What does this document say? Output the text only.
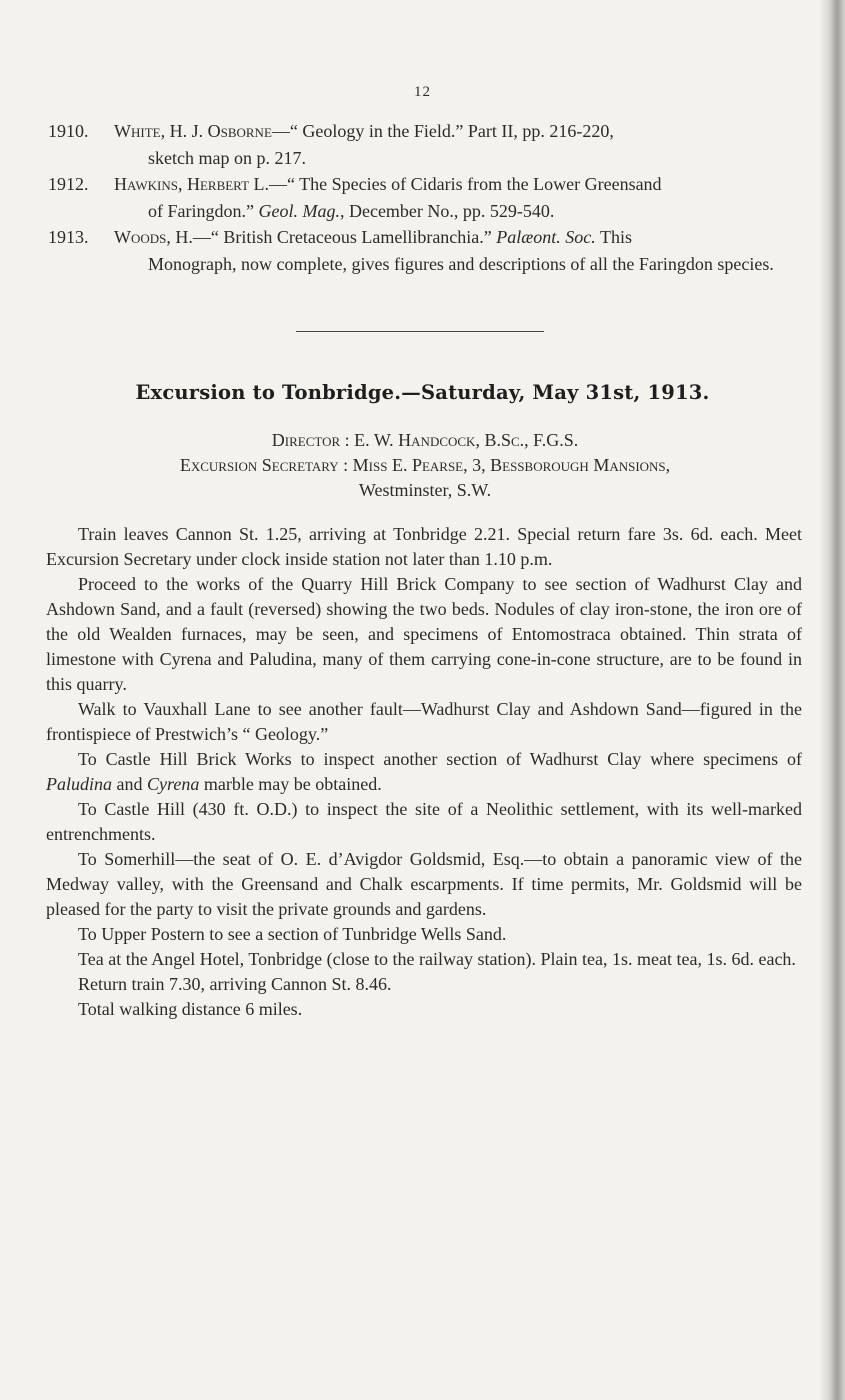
12
1910.	White, H. J. Osborne—“ Geology in the Field.” Part II, pp. 216-220,
sketch map on p. 217.
1912.	Hawkins, Herbert L.—“ The Species of Cidaris from the Lower Greensand
of Faringdon.” Geol. Mag., December No., pp. 529-540.
1913.	Woods, H.—“ British Cretaceous Lamellibranchia.” Palæont. Soc. This
Monograph, now complete, gives figures and descriptions of all the Faringdon species.
Excursion to Tonbridge.—Saturday, May 31st, 1913.
Director : E. W. Handcock, B.Sc., F.G.S.
Excursion Secretary : Miss E. Pearse, 3, Bessborough Mansions,
Westminster, S.W.

Train leaves Cannon St. 1.25, arriving at Tonbridge 2.21. Special return fare 3s. 6d. each. Meet Excursion Secretary under clock inside station not later than 1.10 p.m.

Proceed to the works of the Quarry Hill Brick Company to see section of Wadhurst Clay and Ashdown Sand, and a fault (reversed) showing the two beds. Nodules of clay iron-stone, the iron ore of the old Wealden furnaces, may be seen, and specimens of Entomostraca obtained. Thin strata of limestone with Cyrena and Paludina, many of them carrying cone-in-cone structure, are to be found in this quarry.

Walk to Vauxhall Lane to see another fault—Wadhurst Clay and Ashdown Sand—figured in the frontispiece of Prestwich’s “ Geology.”

To Castle Hill Brick Works to inspect another section of Wadhurst Clay where specimens of Paludina and Cyrena marble may be obtained.

To Castle Hill (430 ft. O.D.) to inspect the site of a Neolithic settlement, with its well-marked entrenchments.

To Somerhill—the seat of O. E. d’Avigdor Goldsmid, Esq.—to obtain a panoramic view of the Medway valley, with the Greensand and Chalk escarpments. If time permits, Mr. Goldsmid will be pleased for the party to visit the private grounds and gardens.

To Upper Postern to see a section of Tunbridge Wells Sand.

Tea at the Angel Hotel, Tonbridge (close to the railway station). Plain tea, 1s. meat tea, 1s. 6d. each.

Return train 7.30, arriving Cannon St. 8.46.

Total walking distance 6 miles.
